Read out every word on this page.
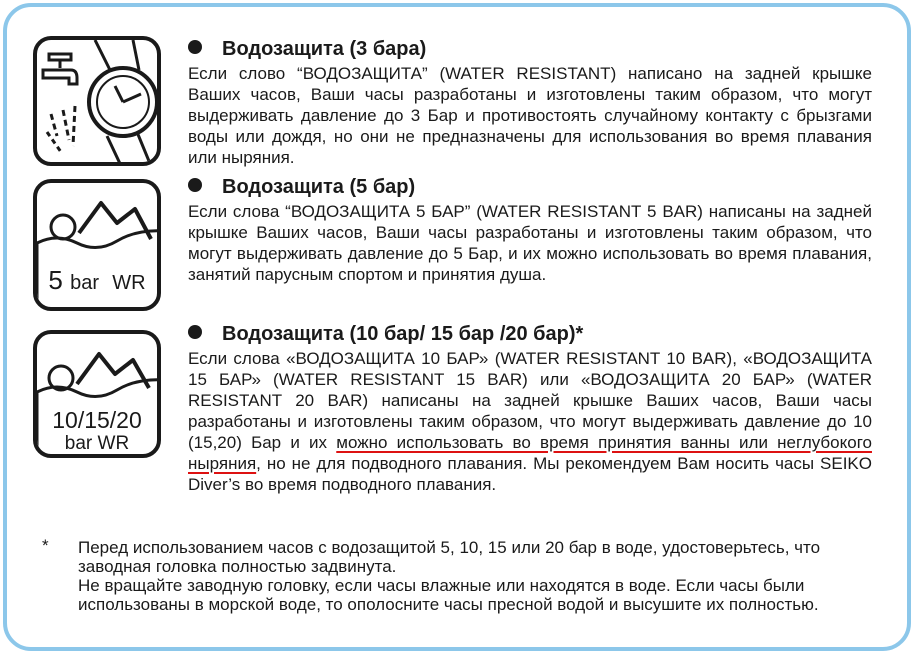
5 bar WR
10/15/20
bar WR
Водозащита (3 бара)

Если слово “ВОДОЗАЩИТА” (WATER RESISTANT) написано на задней крышке Ваших часов, Ваши часы разработаны и изготовлены таким образом, что могут выдерживать давление до 3 Бар и противостоять случайному контакту с брызгами воды или дождя, но они не предназначены для использования во время плавания или ныряния.

Водозащита (5 бар)

Если слова “ВОДОЗАЩИТА 5 БАР” (WATER RESISTANT 5 BAR) написаны на задней крышке Ваших часов, Ваши часы разработаны и изготовлены таким образом, что могут выдерживать давление до 5 Бар, и их можно использовать во время плавания, занятий парусным спортом и принятия душа.

Водозащита (10 бар/ 15 бар /20 бар)*

Если слова «ВОДОЗАЩИТА 10 БАР» (WATER RESISTANT 10 BAR), «ВОДОЗАЩИТА 15 БАР» (WATER RESISTANT 15 BAR) или «ВОДОЗАЩИТА 20 БАР» (WATER RESISTANT 20 BAR) написаны на задней крышке Ваших часов, Ваши часы разработаны и изготовлены таким образом, что могут выдерживать давление до 10 (15,20) Бар и их можно использовать во время принятия ванны или неглубокого ныряния, но не для подводного плавания. Мы рекомендуем Вам носить часы SEIKO Diver’s во время подводного плавания.

* Перед использованием часов с водозащитой 5, 10, 15 или 20 бар в воде, удостоверьтесь, что заводная головка полностью задвинута.

Не вращайте заводную головку, если часы влажные или находятся в воде. Если часы были использованы в морской воде, то ополосните часы пресной водой и высушите их полностью.
